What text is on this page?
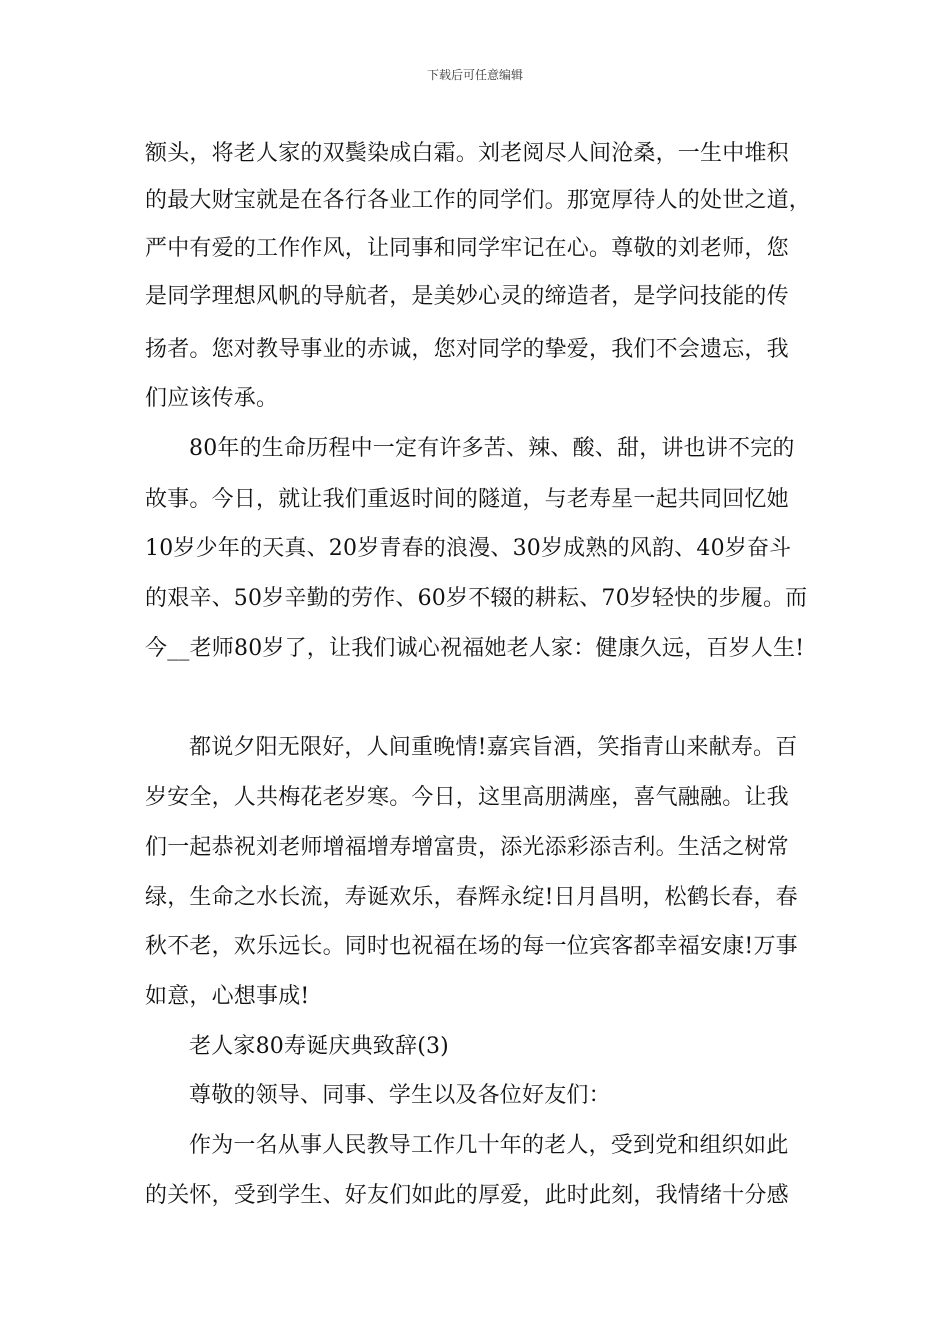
下载后可任意编辑
额头，将老人家的双鬓染成白霜。刘老阅尽人间沧桑，一生中堆积
的最大财宝就是在各行各业工作的同学们。那宽厚待人的处世之道，
严中有爱的工作作风，让同事和同学牢记在心。尊敬的刘老师，您
是同学理想风帆的导航者，是美妙心灵的缔造者，是学问技能的传
扬者。您对教导事业的赤诚，您对同学的挚爱，我们不会遗忘，我
们应该传承。
80年的生命历程中一定有许多苦、辣、酸、甜，讲也讲不完的
故事。今日，就让我们重返时间的隧道，与老寿星一起共同回忆她
10岁少年的天真、20岁青春的浪漫、30岁成熟的风韵、40岁奋斗
的艰辛、50岁辛勤的劳作、60岁不辍的耕耘、70岁轻快的步履。而
今__老师80岁了，让我们诚心祝福她老人家：健康久远，百岁人生!
都说夕阳无限好，人间重晚情!嘉宾旨酒，笑指青山来献寿。百
岁安全，人共梅花老岁寒。今日，这里高朋满座，喜气融融。让我
们一起恭祝刘老师增福增寿增富贵，添光添彩添吉利。生活之树常
绿，生命之水长流，寿诞欢乐，春辉永绽!日月昌明，松鹤长春，春
秋不老，欢乐远长。同时也祝福在场的每一位宾客都幸福安康!万事
如意，心想事成!
老人家80寿诞庆典致辞(3)
尊敬的领导、同事、学生以及各位好友们：
作为一名从事人民教导工作几十年的老人，受到党和组织如此
的关怀，受到学生、好友们如此的厚爱，此时此刻，我情绪十分感
